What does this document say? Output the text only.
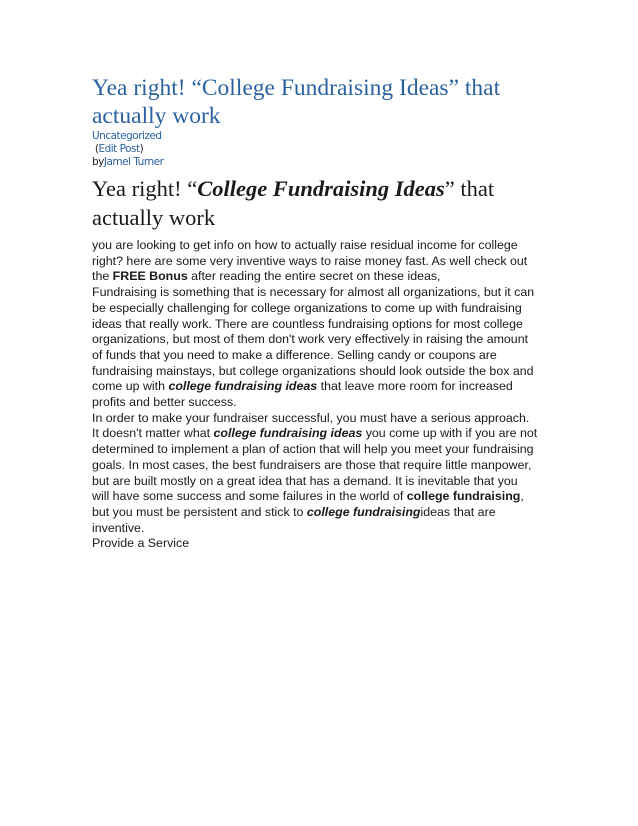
Yea right! “College Fundraising Ideas” that
actually work
Uncategorized
(Edit Post)
byJamel Turner
Yea right! “College Fundraising Ideas” that
actually work
you are looking to get info on how to actually raise residual income for college
right? here are some very inventive ways to raise money fast. As well check out
the FREE Bonus after reading the entire secret on these ideas,
Fundraising is something that is necessary for almost all organizations, but it can
be especially challenging for college organizations to come up with fundraising
ideas that really work. There are countless fundraising options for most college
organizations, but most of them don't work very effectively in raising the amount
of funds that you need to make a difference. Selling candy or coupons are
fundraising mainstays, but college organizations should look outside the box and
come up with college fundraising ideas that leave more room for increased
profits and better success.
In order to make your fundraiser successful, you must have a serious approach.
It doesn't matter what college fundraising ideas you come up with if you are not
determined to implement a plan of action that will help you meet your fundraising
goals. In most cases, the best fundraisers are those that require little manpower,
but are built mostly on a great idea that has a demand. It is inevitable that you
will have some success and some failures in the world of college fundraising,
but you must be persistent and stick to college fundraisingideas that are
inventive.
Provide a Service
